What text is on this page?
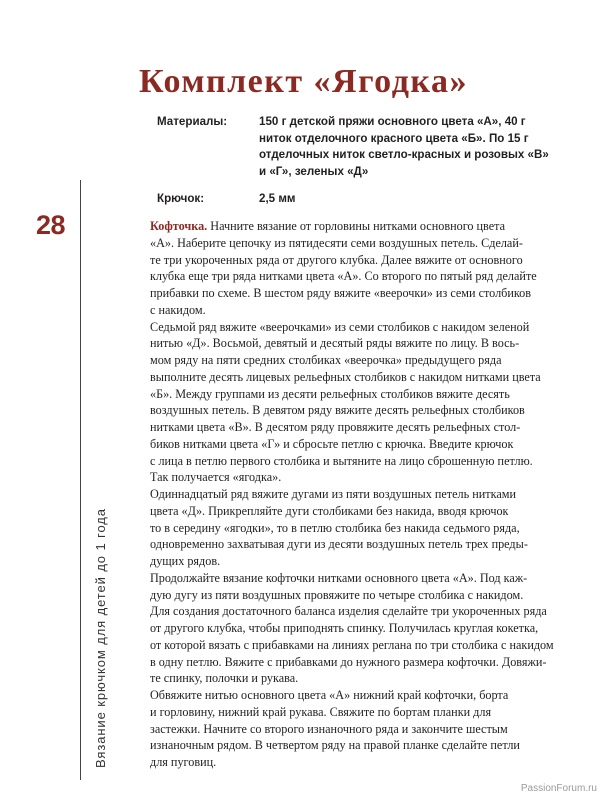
Комплект «Ягодка»
Материалы:	150 г детской пряжи основного цвета «А», 40 г
ниток отделочного красного цвета «Б». По 15 г
отделочных ниток светло-красных и розовых «В»
и «Г», зеленых «Д»
Крючок:	2,5 мм
28
Вязание крючком для детей до 1 года
Кофточка. Начните вязание от горловины нитками основного цвета
«А». Наберите цепочку из пятидесяти семи воздушных петель. Сделай-
те три укороченных ряда от другого клубка. Далее вяжите от основного
клубка еще три ряда нитками цвета «А». Со второго по пятый ряд делайте
прибавки по схеме. В шестом ряду вяжите «веерочки» из семи столбиков
с накидом.
Седьмой ряд вяжите «веерочками» из семи столбиков с накидом зеленой
нитью «Д». Восьмой, девятый и десятый ряды вяжите по лицу. В вось-
мом ряду на пяти средних столбиках «веерочка» предыдущего ряда
выполните десять лицевых рельефных столбиков с накидом нитками цвета
«Б». Между группами из десяти рельефных столбиков вяжите десять
воздушных петель. В девятом ряду вяжите десять рельефных столбиков
нитками цвета «В». В десятом ряду провяжите десять рельефных стол-
биков нитками цвета «Г» и сбросьте петлю с крючка. Введите крючок
с лица в петлю первого столбика и вытяните на лицо сброшенную петлю.
Так получается «ягодка».
Одиннадцатый ряд вяжите дугами из пяти воздушных петель нитками
цвета «Д». Прикрепляйте дуги столбиками без накида, вводя крючок
то в середину «ягодки», то в петлю столбика без накида седьмого ряда,
одновременно захватывая дуги из десяти воздушных петель трех преды-
дущих рядов.
Продолжайте вязание кофточки нитками основного цвета «А». Под каж-
дую дугу из пяти воздушных провяжите по четыре столбика с накидом.
Для создания достаточного баланса изделия сделайте три укороченных ряда
от другого клубка, чтобы приподнять спинку. Получилась круглая кокетка,
от которой вязать с прибавками на линиях реглана по три столбика с накидом
в одну петлю. Вяжите с прибавками до нужного размера кофточки. Довяжи-
те спинку, полочки и рукава.
Обвяжите нитью основного цвета «А» нижний край кофточки, борта
и горловину, нижний край рукава. Свяжите по бортам планки для
застежки. Начните со второго изнаночного ряда и закончите шестым
изнаночным рядом. В четвертом ряду на правой планке сделайте петли
для пуговиц.
PassionForum.ru
